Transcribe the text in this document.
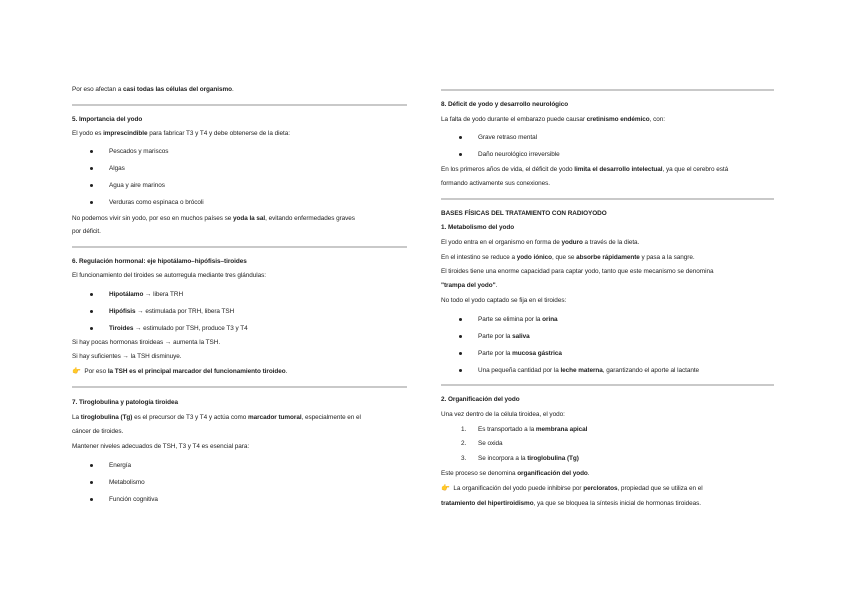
Por eso afectan a casi todas las células del organismo.
5. Importancia del yodo
El yodo es imprescindible para fabricar T3 y T4 y debe obtenerse de la dieta:
Pescados y mariscos
Algas
Agua y aire marinos
Verduras como espinaca o brócoli
No podemos vivir sin yodo, por eso en muchos países se yoda la sal, evitando enfermedades graves
por déficit.
6. Regulación hormonal: eje hipotálamo–hipófisis–tiroides
El funcionamiento del tiroides se autorregula mediante tres glándulas:
Hipotálamo → libera TRH
Hipófisis → estimulada por TRH, libera TSH
Tiroides → estimulado por TSH, produce T3 y T4
Si hay pocas hormonas tiroideas → aumenta la TSH.
Si hay suficientes → la TSH disminuye.
👉 Por eso la TSH es el principal marcador del funcionamiento tiroideo.
7. Tiroglobulina y patología tiroidea
La tiroglobulina (Tg) es el precursor de T3 y T4 y actúa como marcador tumoral, especialmente en el
cáncer de tiroides.
Mantener niveles adecuados de TSH, T3 y T4 es esencial para:
Energía
Metabolismo
Función cognitiva
8. Déficit de yodo y desarrollo neurológico
La falta de yodo durante el embarazo puede causar cretinismo endémico, con:
Grave retraso mental
Daño neurológico irreversible
En los primeros años de vida, el déficit de yodo limita el desarrollo intelectual, ya que el cerebro está
formando activamente sus conexiones.
BASES FÍSICAS DEL TRATAMIENTO CON RADIOYODO
1. Metabolismo del yodo
El yodo entra en el organismo en forma de yoduro a través de la dieta.
En el intestino se reduce a yodo iónico, que se absorbe rápidamente y pasa a la sangre.
El tiroides tiene una enorme capacidad para captar yodo, tanto que este mecanismo se denomina
"trampa del yodo".
No todo el yodo captado se fija en el tiroides:
Parte se elimina por la orina
Parte por la saliva
Parte por la mucosa gástrica
Una pequeña cantidad por la leche materna, garantizando el aporte al lactante
2. Organificación del yodo
Una vez dentro de la célula tiroidea, el yodo:
1. Es transportado a la membrana apical
2. Se oxida
3. Se incorpora a la tiroglobulina (Tg)
Este proceso se denomina organificación del yodo.
👉 La organificación del yodo puede inhibirse por percloratos, propiedad que se utiliza en el
tratamiento del hipertiroidismo, ya que se bloquea la síntesis inicial de hormonas tiroideas.
